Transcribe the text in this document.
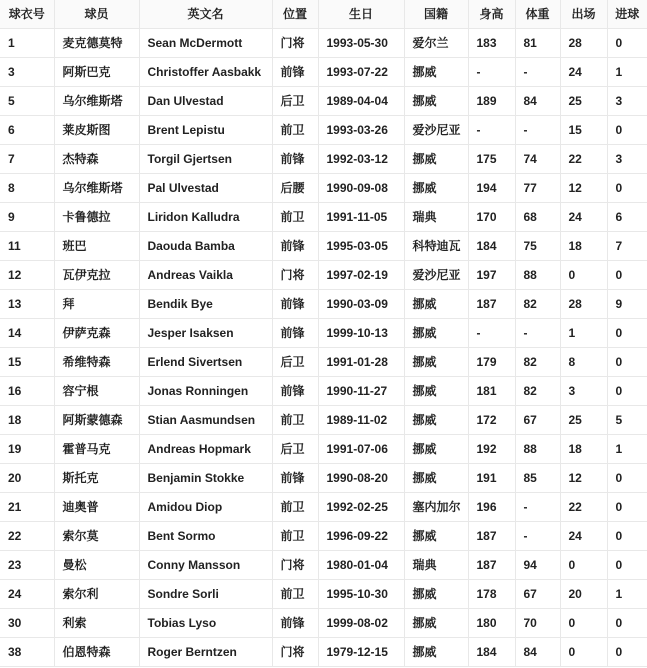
球衣号	球员	英文名	位置	生日	国籍	身高	体重	出场	进球
1	麦克德莫特	Sean McDermott	门将	1993-05-30	爱尔兰	183	81	28	0
3	阿斯巴克	Christoffer Aasbakk	前锋	1993-07-22	挪威	-	-	24	1
5	乌尔维斯塔	Dan Ulvestad	后卫	1989-04-04	挪威	189	84	25	3
6	莱皮斯图	Brent Lepistu	前卫	1993-03-26	爱沙尼亚	-	-	15	0
7	杰特森	Torgil Gjertsen	前锋	1992-03-12	挪威	175	74	22	3
8	乌尔维斯塔	Pal Ulvestad	后腰	1990-09-08	挪威	194	77	12	0
9	卡鲁德拉	Liridon Kalludra	前卫	1991-11-05	瑞典	170	68	24	6
11	班巴	Daouda Bamba	前锋	1995-03-05	科特迪瓦	184	75	18	7
12	瓦伊克拉	Andreas Vaikla	门将	1997-02-19	爱沙尼亚	197	88	0	0
13	拜	Bendik Bye	前锋	1990-03-09	挪威	187	82	28	9
14	伊萨克森	Jesper Isaksen	前锋	1999-10-13	挪威	-	-	1	0
15	希维特森	Erlend Sivertsen	后卫	1991-01-28	挪威	179	82	8	0
16	容宁根	Jonas Ronningen	前锋	1990-11-27	挪威	181	82	3	0
18	阿斯蒙德森	Stian Aasmundsen	前卫	1989-11-02	挪威	172	67	25	5
19	霍普马克	Andreas Hopmark	后卫	1991-07-06	挪威	192	88	18	1
20	斯托克	Benjamin Stokke	前锋	1990-08-20	挪威	191	85	12	0
21	迪奥普	Amidou Diop	前卫	1992-02-25	塞内加尔	196	-	22	0
22	索尔莫	Bent Sormo	前卫	1996-09-22	挪威	187	-	24	0
23	曼松	Conny Mansson	门将	1980-01-04	瑞典	187	94	0	0
24	索尔利	Sondre Sorli	前卫	1995-10-30	挪威	178	67	20	1
30	利索	Tobias Lyso	前锋	1999-08-02	挪威	180	70	0	0
38	伯恩特森	Roger Berntzen	门将	1979-12-15	挪威	184	84	0	0
